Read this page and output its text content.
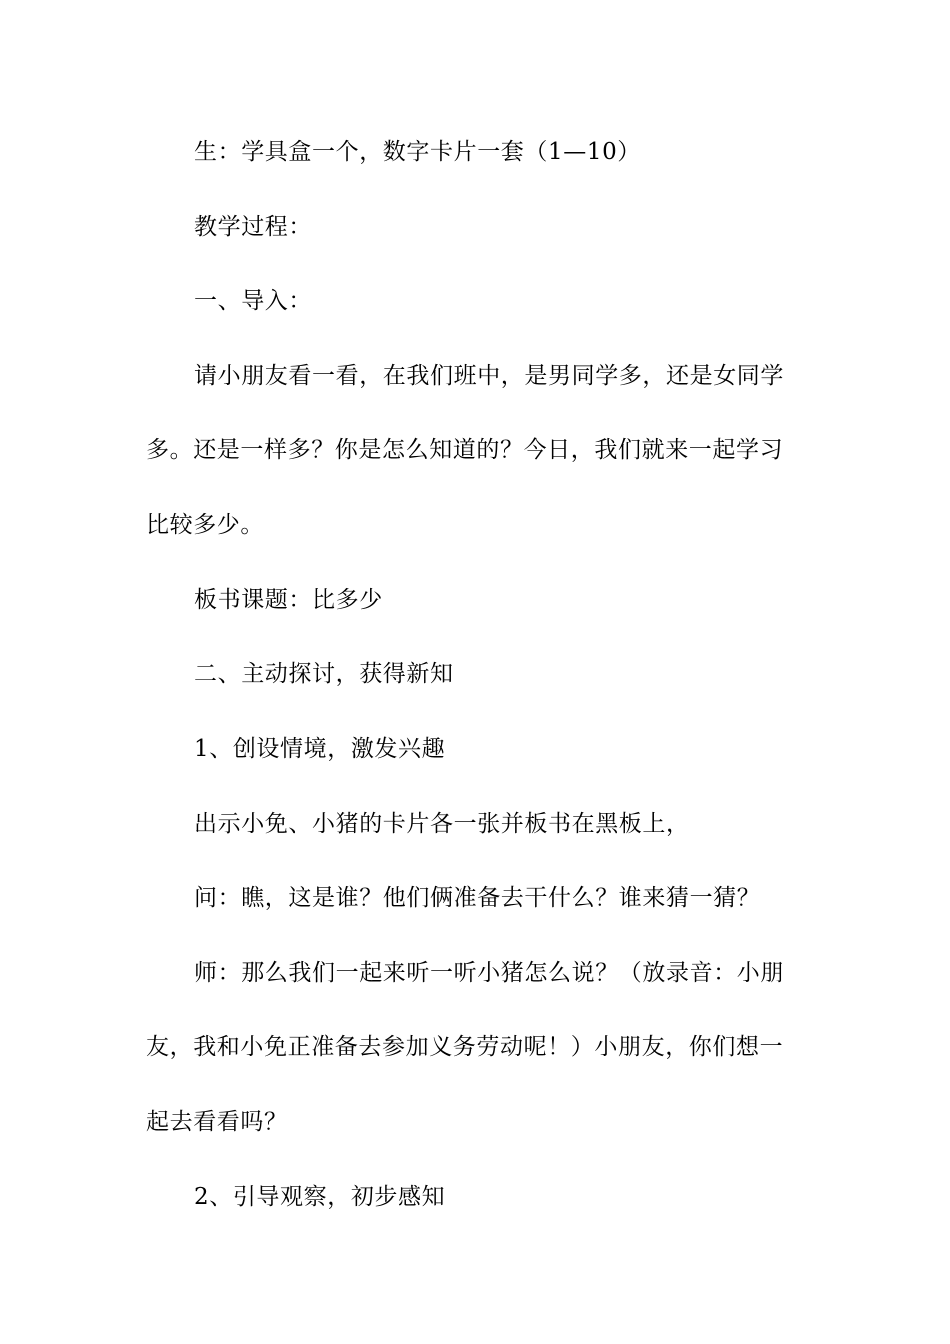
生：学具盒一个，数字卡片一套（1—10）
教学过程：
一、导入：
请小朋友看一看，在我们班中，是男同学多，还是女同学
多。还是一样多？你是怎么知道的？今日，我们就来一起学习
比较多少。
板书课题：比多少
二、主动探讨，获得新知
1、创设情境，激发兴趣
出示小免、小猪的卡片各一张并板书在黑板上，
问：瞧，这是谁？他们俩准备去干什么？谁来猜一猜？
师：那么我们一起来听一听小猪怎么说？（放录音：小朋
友，我和小免正准备去参加义务劳动呢！）小朋友，你们想一
起去看看吗？
2、引导观察，初步感知
